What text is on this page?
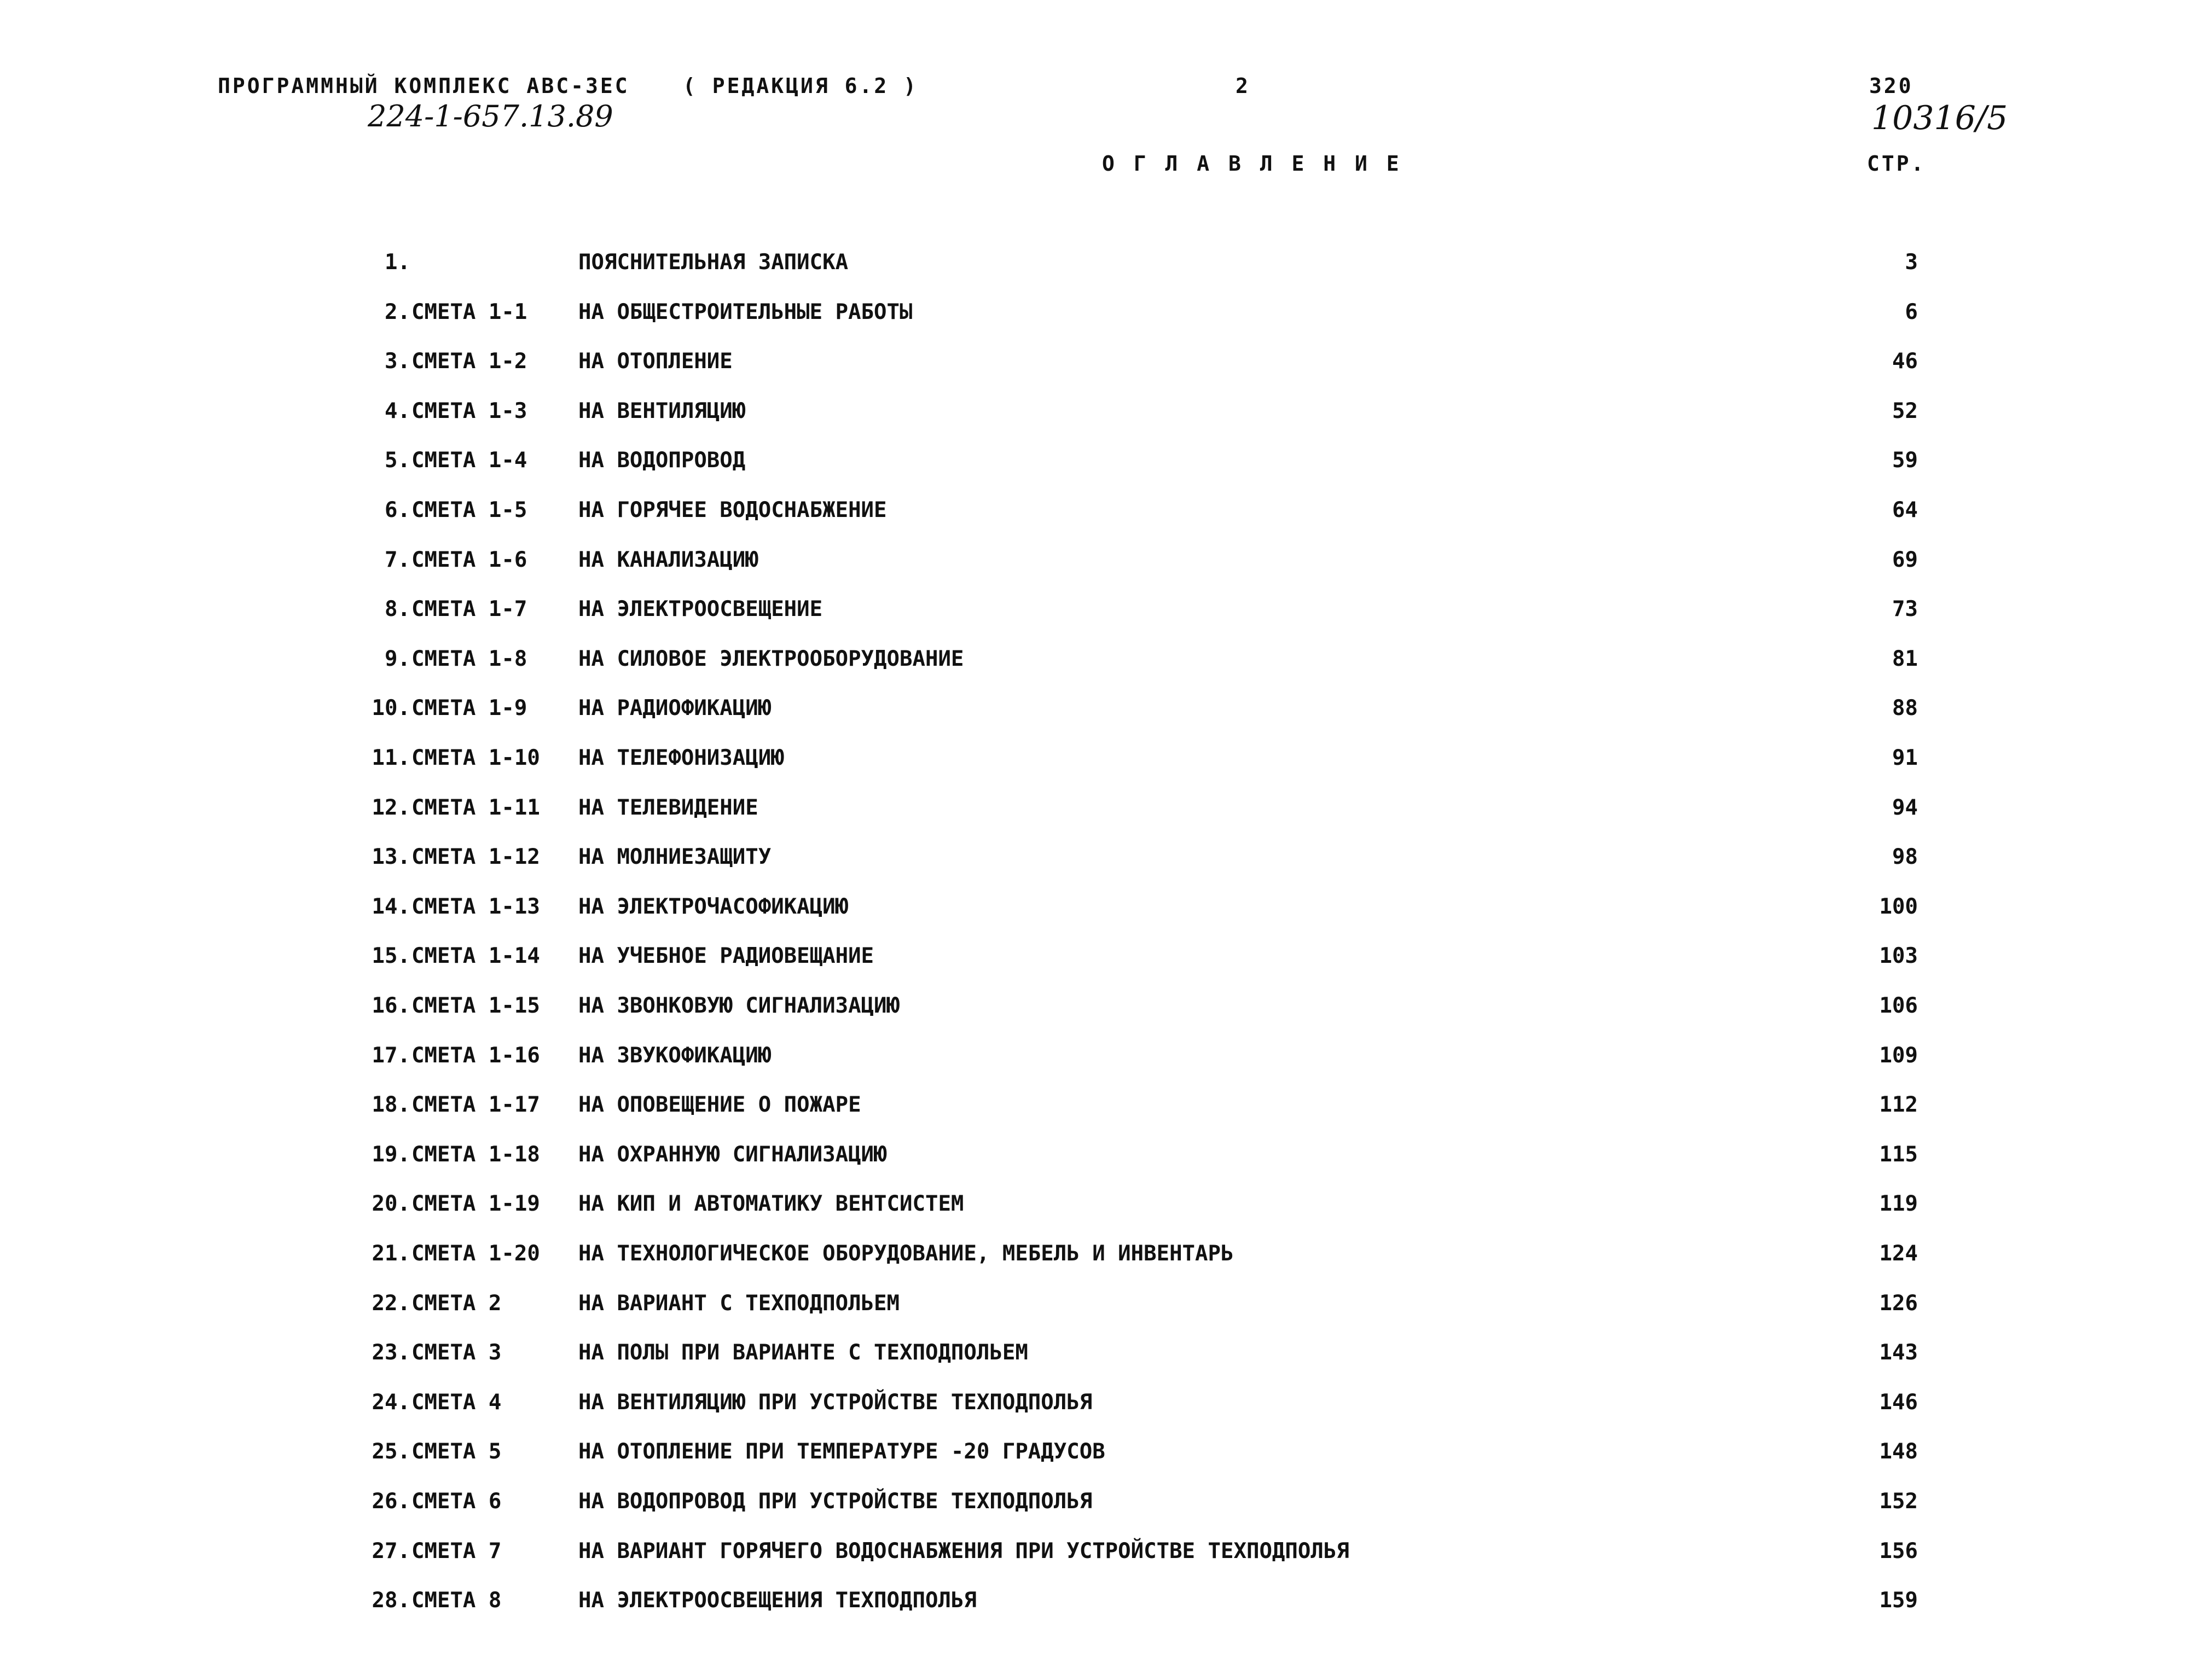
ПРОГРАММНЫЙ КОМПЛЕКС АВС-3ЕС	( РЕДАКЦИЯ 6.2 )	2	320
224-1-657.13.89	10316/5
О Г Л А В Л Е Н И Е	СТР.
1.	ПОЯСНИТЕЛЬНАЯ ЗАПИСКА	3
2. СМЕТА 1-1 НА ОБЩЕСТРОИТЕЛЬНЫЕ РАБОТЫ	6
3. СМЕТА 1-2 НА ОТОПЛЕНИЕ	46
4. СМЕТА 1-3 НА ВЕНТИЛЯЦИЮ	52
5. СМЕТА 1-4 НА ВОДОПРОВОД	59
6. СМЕТА 1-5 НА ГОРЯЧЕЕ ВОДОСНАБЖЕНИЕ	64
7. СМЕТА 1-6 НА КАНАЛИЗАЦИЮ	69
8. СМЕТА 1-7 НА ЭЛЕКТРООСВЕЩЕНИЕ	73
9. СМЕТА 1-8 НА СИЛОВОЕ ЭЛЕКТРООБОРУДОВАНИЕ	81
10. СМЕТА 1-9 НА РАДИОФИКАЦИЮ	88
11. СМЕТА 1-10 НА ТЕЛЕФОНИЗАЦИЮ	91
12. СМЕТА 1-11 НА ТЕЛЕВИДЕНИЕ	94
13. СМЕТА 1-12 НА МОЛНИЕЗАЩИТУ	98
14. СМЕТА 1-13 НА ЭЛЕКТРОЧАСОФИКАЦИЮ	100
15. СМЕТА 1-14 НА УЧЕБНОЕ РАДИОВЕЩАНИЕ	103
16. СМЕТА 1-15 НА ЗВОНКОВУЮ СИГНАЛИЗАЦИЮ	106
17. СМЕТА 1-16 НА ЗВУКОФИКАЦИЮ	109
18. СМЕТА 1-17 НА ОПОВЕЩЕНИЕ О ПОЖАРЕ	112
19. СМЕТА 1-18 НА ОХРАННУЮ СИГНАЛИЗАЦИЮ	115
20. СМЕТА 1-19 НА КИП И АВТОМАТИКУ ВЕНТСИСТЕМ	119
21. СМЕТА 1-20 НА ТЕХНОЛОГИЧЕСКОЕ ОБОРУДОВАНИЕ, МЕБЕЛЬ И ИНВЕНТАРЬ	124
22. СМЕТА 2	НА ВАРИАНТ С ТЕХПОДПОЛЬЕМ	126
23. СМЕТА 3	НА ПОЛЫ ПРИ ВАРИАНТЕ С ТЕХПОДПОЛЬЕМ	143
24. СМЕТА 4	НА ВЕНТИЛЯЦИЮ ПРИ УСТРОЙСТВЕ ТЕХПОДПОЛЬЯ	146
25. СМЕТА 5	НА ОТОПЛЕНИЕ ПРИ ТЕМПЕРАТУРЕ -20 ГРАДУСОВ	148
26. СМЕТА 6	НА ВОДОПРОВОД ПРИ УСТРОЙСТВЕ ТЕХПОДПОЛЬЯ	152
27. СМЕТА 7	НА ВАРИАНТ ГОРЯЧЕГО ВОДОСНАБЖЕНИЯ ПРИ УСТРОЙСТВЕ ТЕХПОДПОЛЬЯ	156
28. СМЕТА 8	НА ЭЛЕКТРООСВЕЩЕНИЯ ТЕХПОДПОЛЬЯ	159
